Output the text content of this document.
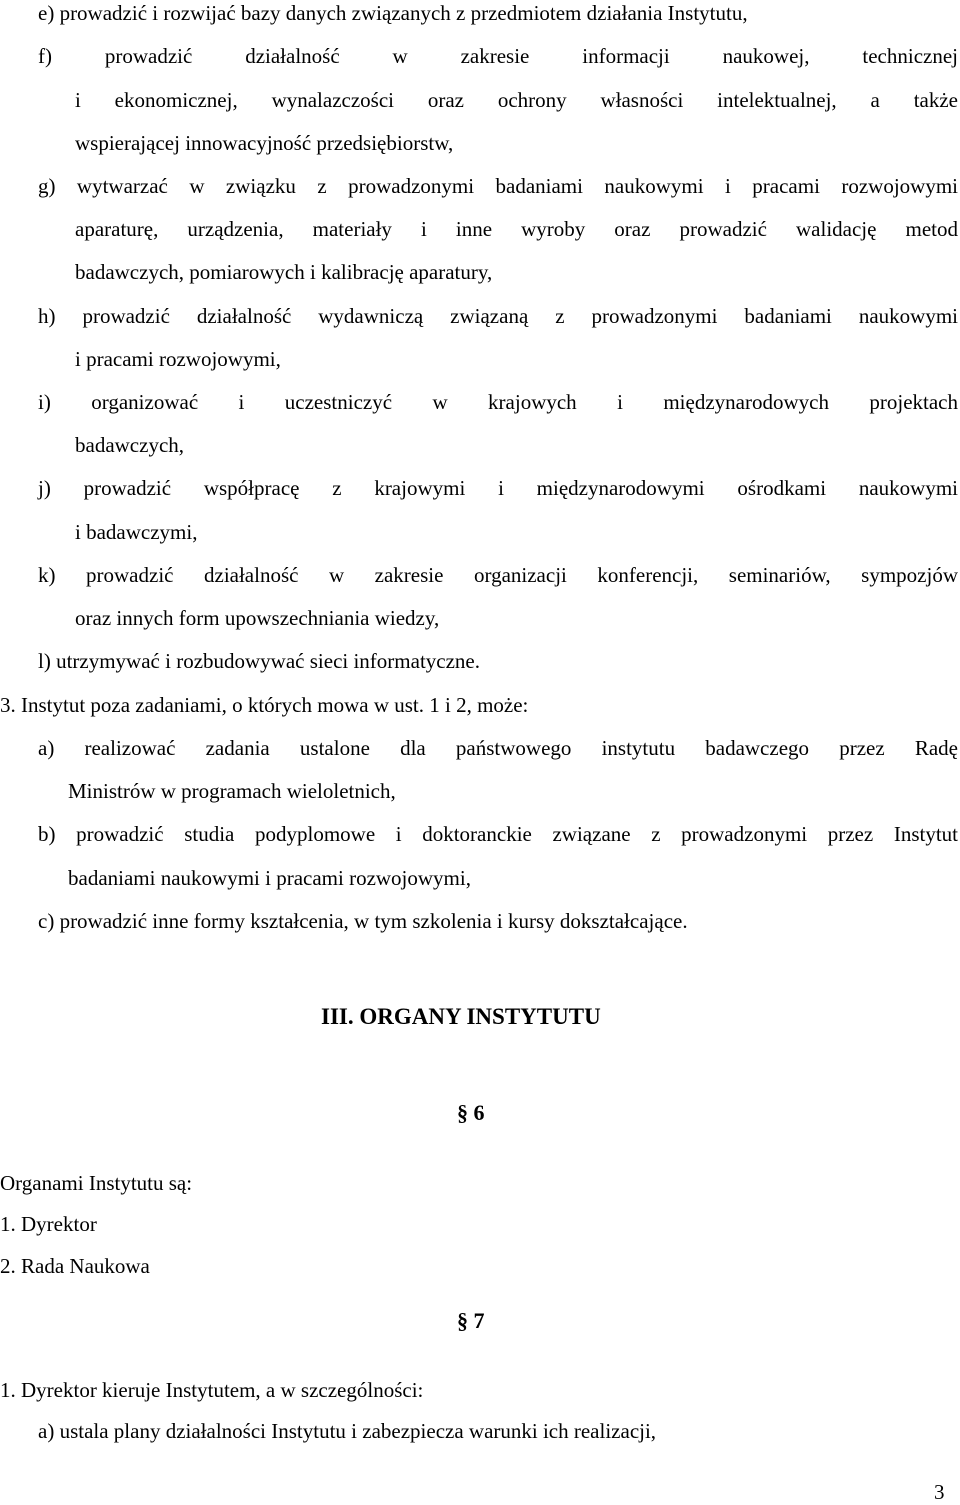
e) prowadzić i rozwijać bazy danych związanych z przedmiotem działania Instytutu,
f) prowadzić działalność w zakresie informacji naukowej, technicznej
i ekonomicznej, wynalazczości oraz ochrony własności intelektualnej, a także
wspierającej innowacyjność przedsiębiorstw,
g) wytwarzać w związku z prowadzonymi badaniami naukowymi i pracami rozwojowymi
aparaturę, urządzenia, materiały i inne wyroby oraz prowadzić walidację metod
badawczych, pomiarowych i kalibrację aparatury,
h) prowadzić działalność wydawniczą związaną z prowadzonymi badaniami naukowymi
i pracami rozwojowymi,
i) organizować i uczestniczyć w krajowych i międzynarodowych projektach
badawczych,
j) prowadzić współpracę z krajowymi i międzynarodowymi ośrodkami naukowymi
i badawczymi,
k) prowadzić działalność w zakresie organizacji konferencji, seminariów, sympozjów
oraz innych form upowszechniania wiedzy,
l) utrzymywać i rozbudowywać sieci informatyczne.
3. Instytut poza zadaniami, o których mowa w ust. 1 i 2, może:
a) realizować zadania ustalone dla państwowego instytutu badawczego przez Radę
Ministrów w programach wieloletnich,
b) prowadzić studia podyplomowe i doktoranckie związane z prowadzonymi przez Instytut
badaniami naukowymi i pracami rozwojowymi,
c) prowadzić inne formy kształcenia, w tym szkolenia i kursy dokształcające.
III. ORGANY INSTYTUTU
§ 6
Organami Instytutu są:
1. Dyrektor
2. Rada Naukowa
§ 7
1. Dyrektor kieruje Instytutem, a w szczególności:
a) ustala plany działalności Instytutu i zabezpiecza warunki ich realizacji,
3
